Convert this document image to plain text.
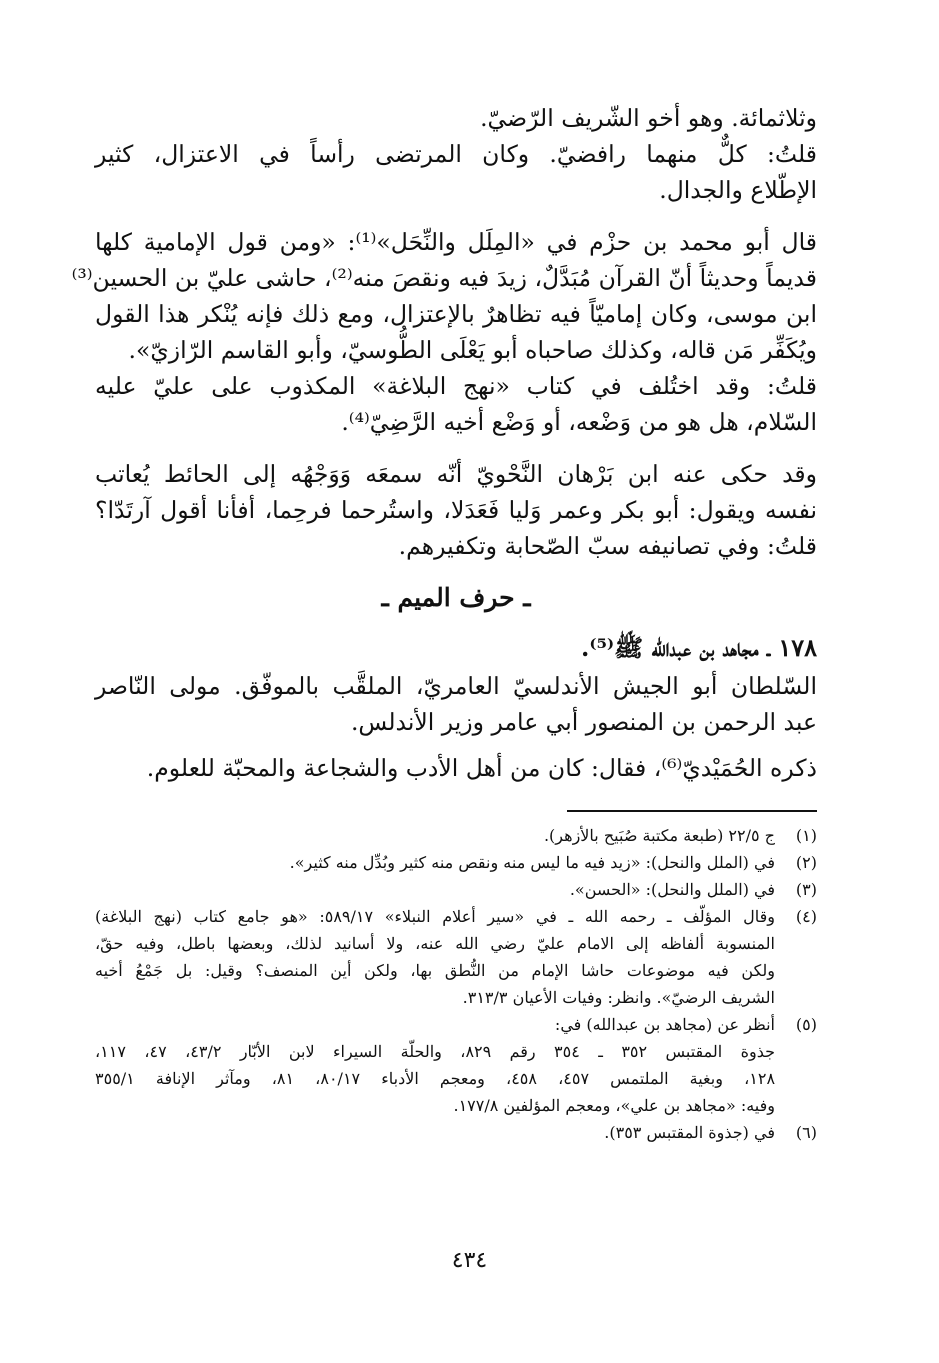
وثلاثمائة. وهو أخو الشّريف الرّضيّ.

قلتُ: كلٌّ منهما رافضيّ. وكان المرتضى رأساً في الاعتزال، كثير
الإطّلاع والجدال.

قال أبو محمد بن حزْم في «المِلَل والنِّحَل»⁽¹⁾: «ومن قول الإمامية كلها
قديماً وحديثاً أنّ القرآن مُبَدَّلٌ، زيدَ فيه ونقصَ منه⁽²⁾، حاشى عليّ بن الحسين⁽³⁾
ابن موسى، وكان إماميّاً فيه تظاهرٌ بالإعتزال، ومع ذلك فإنه يُنْكر هذا القول
ويُكَفِّر مَن قاله، وكذلك صاحباه أبو يَعْلَى الطُّوسيّ، وأبو القاسم الرّازيّ».

قلتُ: وقد اختُلف في كتاب «نهج البلاغة» المكذوب على عليّ عليه
السّلام، هل هو من وَضْعه، أو وَضْع أخيه الرَّضِيّ⁽⁴⁾.

وقد حكى عنه ابن بَرْهان النَّحْويّ أنّه سمعَه وَوَجْهُه إلى الحائط يُعاتب
نفسه ويقول: أبو بكر وعمر وَليا فَعَدَلا، واستُرحما فرحِما، أفأنا أقول آرتَدّا؟
قلتُ: وفي تصانيفه سبّ الصّحابة وتكفيرهم.

ـ حرف الميم ـ
١٧٨ ـ مجاهد بن عبدالله ﷺ⁽⁵⁾.

السّلطان أبو الجيش الأندلسيّ العامريّ، الملقَّب بالموفّق. مولى النّاصر
عبد الرحمن بن المنصور أبي عامر وزير الأندلس.

ذكره الحُمَيْديّ⁽⁶⁾، فقال: كان من أهل الأدب والشجاعة والمحبّة للعلوم.

(١)
ج ٢٢/٥ (طبعة مكتبة صُبَيح بالأزهر).
(٢)
في (الملل والنحل): «زيد فيه ما ليس منه ونقص منه كثير وبُدِّل منه كثير».
(٣)
في (الملل والنحل): «الحسن».
(٤)
وقال المؤلّف ـ رحمه الله ـ في «سير أعلام النبلاء» ٥٨٩/١٧: «هو جامع كتاب (نهج البلاغة)
المنسوبة ألفاظه إلى الامام عليّ رضي الله عنه، ولا أسانيد لذلك، وبعضها باطل، وفيه حقّ،
ولكن فيه موضوعات حاشا الإمام من النُّطق بها، ولكن أين المنصف؟ وقيل: بل جَمْعُ أخيه
الشريف الرضيّ». وانظر: وفيات الأعيان ٣١٣/٣.
(٥)
أنظر عن (مجاهد بن عبدالله) في:
جذوة المقتبس ٣٥٢ ـ ٣٥٤ رقم ٨٢٩، والحلّة السيراء لابن الأبّار ٤٣/٢، ٤٧، ١١٧،
١٢٨، وبغية الملتمس ٤٥٧، ٤٥٨، ومعجم الأدباء ٨٠/١٧، ٨١، ومآثر الإنافة ٣٥٥/١
وفيه: «مجاهد بن علي»، ومعجم المؤلفين ١٧٧/٨.
(٦)
في (جذوة المقتبس ٣٥٣).
٤٣٤
